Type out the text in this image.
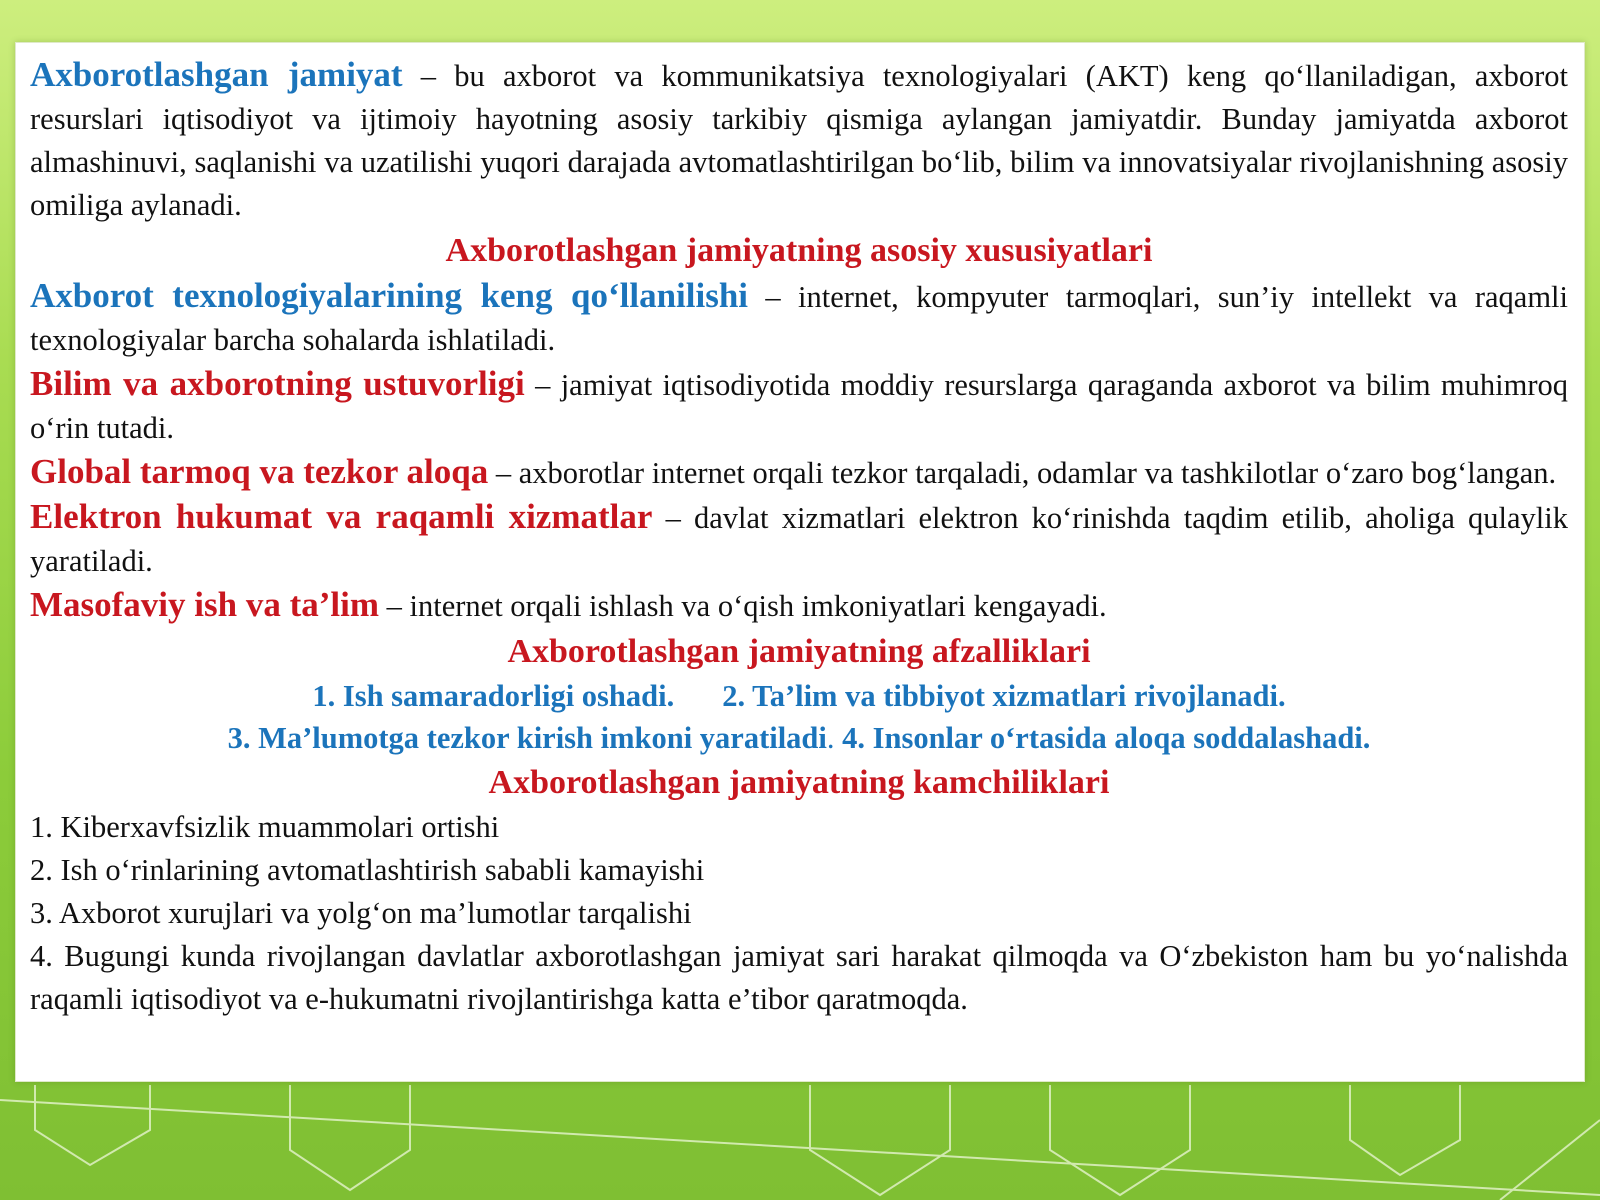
Axborotlashgan jamiyat – bu axborot va kommunikatsiya texnologiyalari (AKT) keng qo‘llaniladigan, axborot resurslari iqtisodiyot va ijtimoiy hayotning asosiy tarkibiy qismiga aylangan jamiyatdir. Bunday jamiyatda axborot almashinuvi, saqlanishi va uzatilishi yuqori darajada avtomatlashtirilgan bo‘lib, bilim va innovatsiyalar rivojlanishning asosiy omiliga aylanadi.

Axborotlashgan jamiyatning asosiy xususiyatlari

Axborot texnologiyalarining keng qo‘llanilishi – internet, kompyuter tarmoqlari, sun’iy intellekt va raqamli texnologiyalar barcha sohalarda ishlatiladi.

Bilim va axborotning ustuvorligi – jamiyat iqtisodiyotida moddiy resurslarga qaraganda axborot va bilim muhimroq o‘rin tutadi.

Global tarmoq va tezkor aloqa – axborotlar internet orqali tezkor tarqaladi, odamlar va tashkilotlar o‘zaro bog‘langan.

Elektron hukumat va raqamli xizmatlar – davlat xizmatlari elektron ko‘rinishda taqdim etilib, aholiga qulaylik yaratiladi.

Masofaviy ish va ta’lim – internet orqali ishlash va o‘qish imkoniyatlari kengayadi.

Axborotlashgan jamiyatning afzalliklari

1. Ish samaradorligi oshadi. 2. Ta’lim va tibbiyot xizmatlari rivojlanadi.

3. Ma’lumotga tezkor kirish imkoni yaratiladi. 4. Insonlar o‘rtasida aloqa soddalashadi.

Axborotlashgan jamiyatning kamchiliklari

1. Kiberxavfsizlik muammolari ortishi

2. Ish o‘rinlarining avtomatlashtirish sababli kamayishi

3. Axborot xurujlari va yolg‘on ma’lumotlar tarqalishi

4. Bugungi kunda rivojlangan davlatlar axborotlashgan jamiyat sari harakat qilmoqda va O‘zbekiston ham bu yo‘nalishda raqamli iqtisodiyot va e-hukumatni rivojlantirishga katta e’tibor qaratmoqda.
